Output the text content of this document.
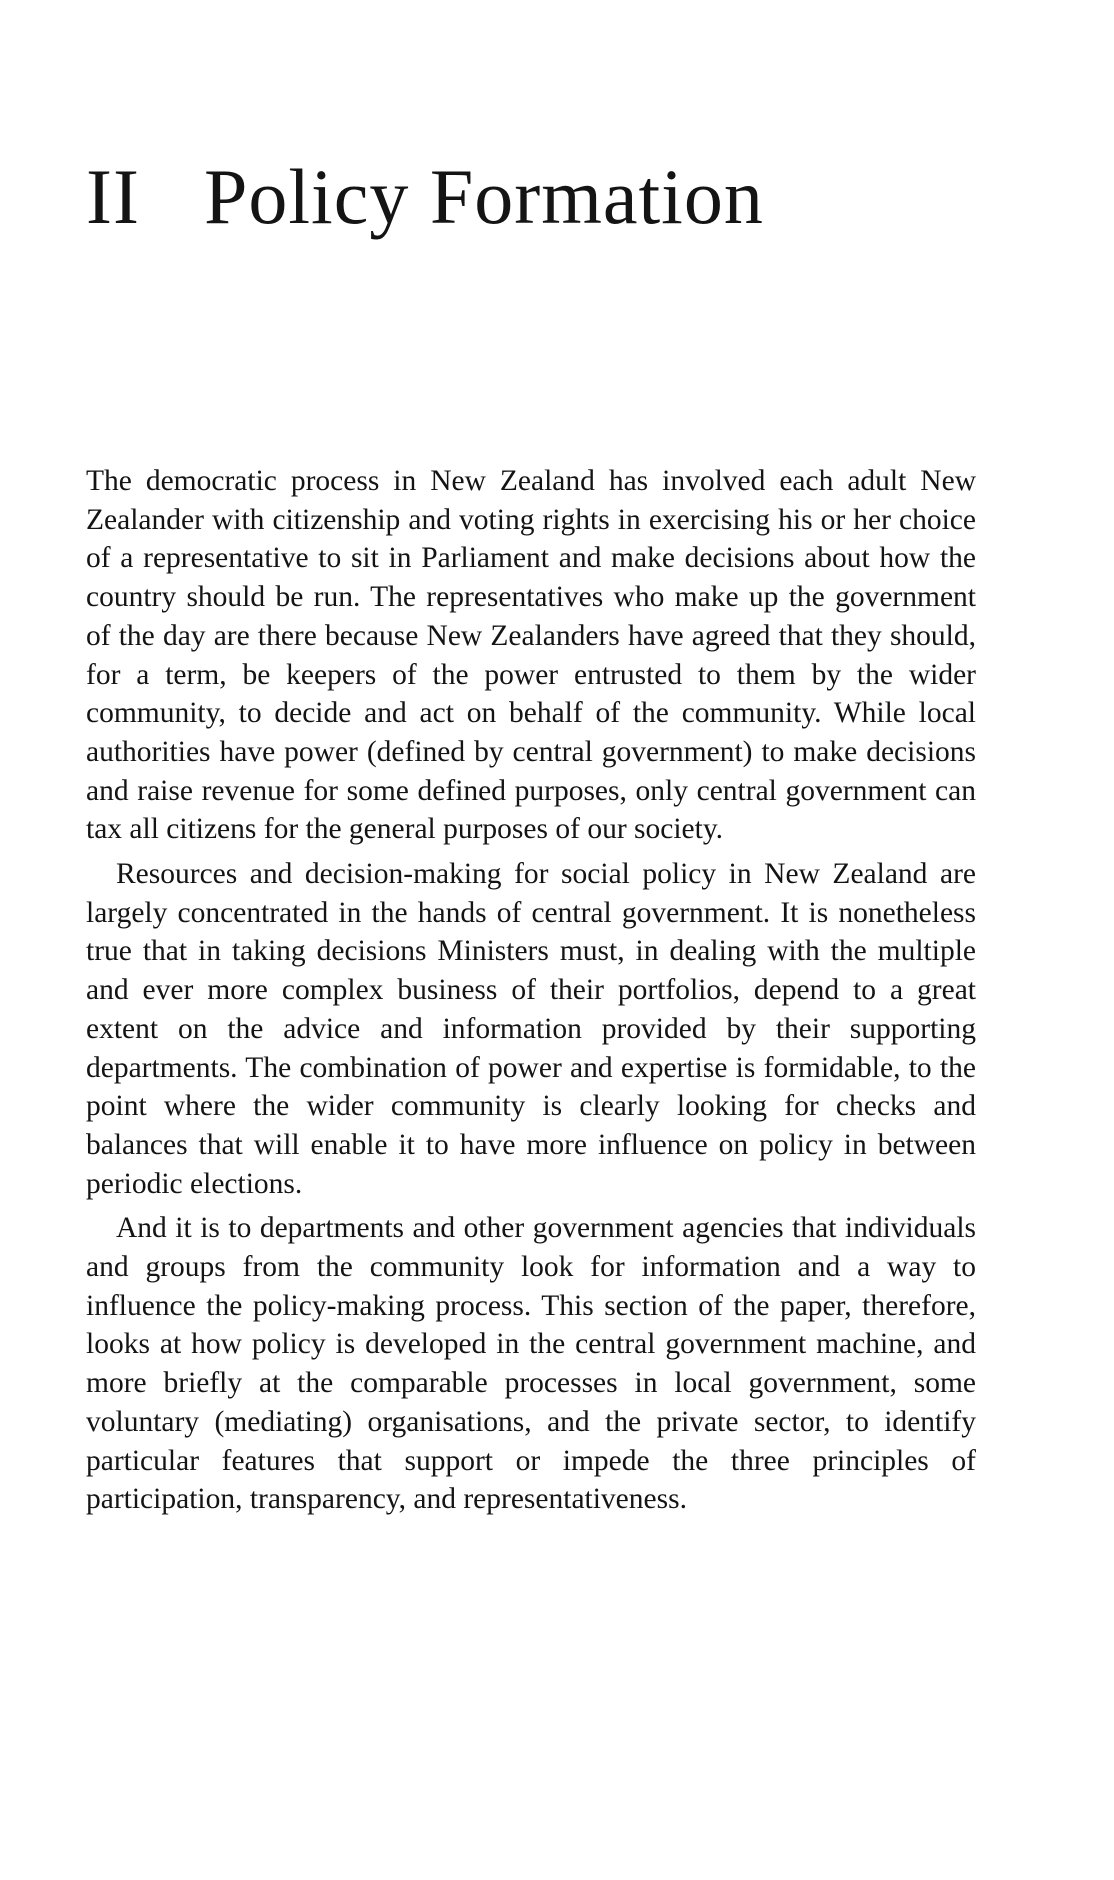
II Policy Formation

The democratic process in New Zealand has involved each adult New Zealander with citizenship and voting rights in exercising his or her choice of a representative to sit in Parliament and make decisions about how the country should be run. The representatives who make up the government of the day are there because New Zealanders have agreed that they should, for a term, be keepers of the power entrusted to them by the wider community, to decide and act on behalf of the community. While local authorities have power (defined by central government) to make decisions and raise revenue for some defined purposes, only central government can tax all citizens for the general purposes of our society.

Resources and decision-making for social policy in New Zealand are largely concentrated in the hands of central government. It is nonetheless true that in taking decisions Ministers must, in dealing with the multiple and ever more complex business of their portfolios, depend to a great extent on the advice and information provided by their supporting departments. The combination of power and expertise is formidable, to the point where the wider community is clearly looking for checks and balances that will enable it to have more influence on policy in between periodic elections.

And it is to departments and other government agencies that individuals and groups from the community look for information and a way to influence the policy-making process. This section of the paper, therefore, looks at how policy is developed in the central government machine, and more briefly at the comparable processes in local government, some voluntary (mediating) organisations, and the private sector, to identify particular features that support or impede the three principles of participation, transparency, and representativeness.
